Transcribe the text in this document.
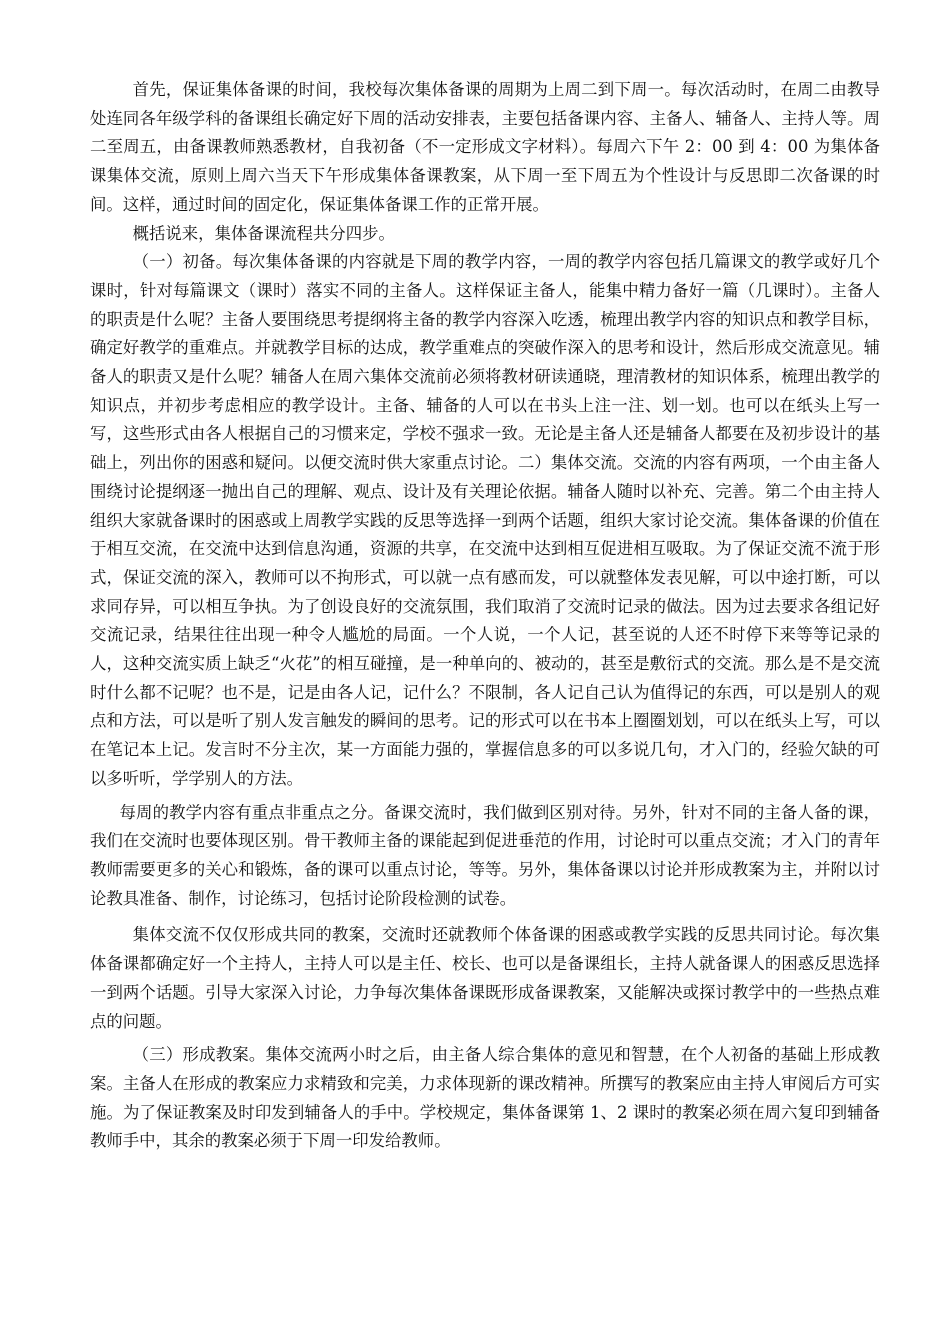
首先，保证集体备课的时间，我校每次集体备课的周期为上周二到下周一。每次活动时，在周二由教导处连同各年级学科的备课组长确定好下周的活动安排表，主要包括备课内容、主备人、辅备人、主持人等。周二至周五，由备课教师熟悉教材，自我初备（不一定形成文字材料）。每周六下午 2：00 到 4：00 为集体备课集体交流，原则上周六当天下午形成集体备课教案，从下周一至下周五为个性设计与反思即二次备课的时间。这样，通过时间的固定化，保证集体备课工作的正常开展。

概括说来，集体备课流程共分四步。

（一）初备。每次集体备课的内容就是下周的教学内容，一周的教学内容包括几篇课文的教学或好几个课时，针对每篇课文（课时）落实不同的主备人。这样保证主备人，能集中精力备好一篇（几课时）。主备人的职责是什么呢？主备人要围绕思考提纲将主备的教学内容深入吃透，梳理出教学内容的知识点和教学目标，确定好教学的重难点。并就教学目标的达成，教学重难点的突破作深入的思考和设计，然后形成交流意见。辅备人的职责又是什么呢？辅备人在周六集体交流前必须将教材研读通晓，理清教材的知识体系，梳理出教学的知识点，并初步考虑相应的教学设计。主备、辅备的人可以在书头上注一注、划一划。也可以在纸头上写一写，这些形式由各人根据自己的习惯来定，学校不强求一致。无论是主备人还是辅备人都要在及初步设计的基础上，列出你的困惑和疑问。以便交流时供大家重点讨论。二）集体交流。交流的内容有两项，一个由主备人围绕讨论提纲逐一抛出自己的理解、观点、设计及有关理论依据。辅备人随时以补充、完善。第二个由主持人组织大家就备课时的困惑或上周教学实践的反思等选择一到两个话题，组织大家讨论交流。集体备课的价值在于相互交流，在交流中达到信息沟通，资源的共享，在交流中达到相互促进相互吸取。为了保证交流不流于形式，保证交流的深入，教师可以不拘形式，可以就一点有感而发，可以就整体发表见解，可以中途打断，可以求同存异，可以相互争执。为了创设良好的交流氛围，我们取消了交流时记录的做法。因为过去要求各组记好交流记录，结果往往出现一种令人尴尬的局面。一个人说，一个人记，甚至说的人还不时停下来等等记录的人，这种交流实质上缺乏“火花”的相互碰撞，是一种单向的、被动的，甚至是敷衍式的交流。那么是不是交流时什么都不记呢？也不是，记是由各人记，记什么？不限制，各人记自己认为值得记的东西，可以是别人的观点和方法，可以是听了别人发言触发的瞬间的思考。记的形式可以在书本上圈圈划划，可以在纸头上写，可以在笔记本上记。发言时不分主次，某一方面能力强的，掌握信息多的可以多说几句，才入门的，经验欠缺的可以多听听，学学别人的方法。

每周的教学内容有重点非重点之分。备课交流时，我们做到区别对待。另外，针对不同的主备人备的课，我们在交流时也要体现区别。骨干教师主备的课能起到促进垂范的作用，讨论时可以重点交流；才入门的青年教师需要更多的关心和锻炼，备的课可以重点讨论，等等。另外，集体备课以讨论并形成教案为主，并附以讨论教具准备、制作，讨论练习，包括讨论阶段检测的试卷。

集体交流不仅仅形成共同的教案，交流时还就教师个体备课的困惑或教学实践的反思共同讨论。每次集体备课都确定好一个主持人，主持人可以是主任、校长、也可以是备课组长，主持人就备课人的困惑反思选择一到两个话题。引导大家深入讨论，力争每次集体备课既形成备课教案，又能解决或探讨教学中的一些热点难点的问题。

（三）形成教案。集体交流两小时之后，由主备人综合集体的意见和智慧，在个人初备的基础上形成教案。主备人在形成的教案应力求精致和完美，力求体现新的课改精神。所撰写的教案应由主持人审阅后方可实施。为了保证教案及时印发到辅备人的手中。学校规定，集体备课第 1、2 课时的教案必须在周六复印到辅备教师手中，其余的教案必须于下周一印发给教师。
